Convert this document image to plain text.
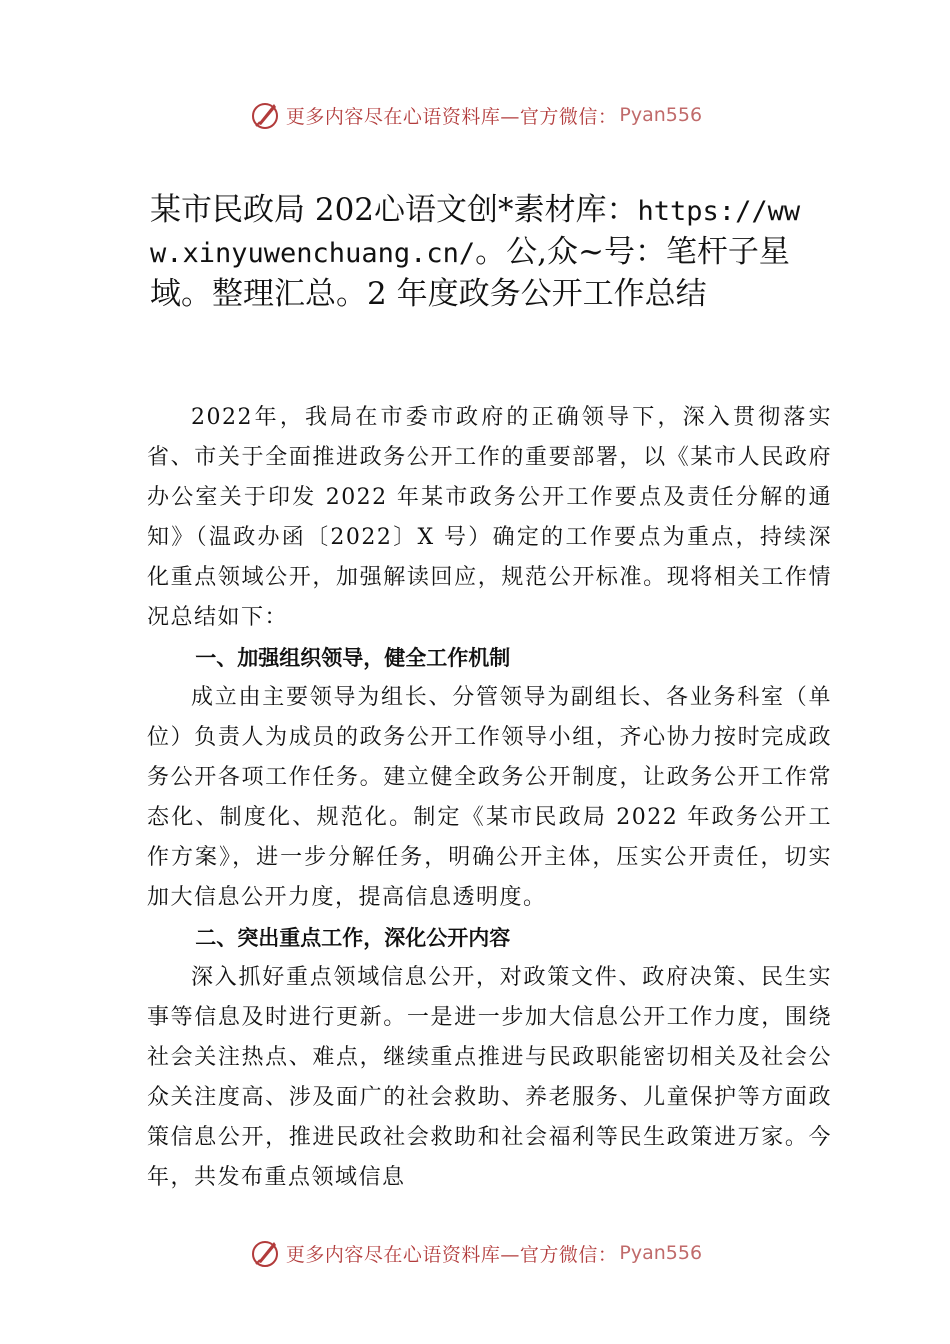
更多内容尽在心语资料库—官方微信： Pyan556
某市民政局 202心语文创*素材库：https://www.xinyuwenchuang.cn/。公,众~号：笔杆子星域。整理汇总。2 年度政务公开工作总结

2022年，我局在市委市政府的正确领导下，深入贯彻落实省、市关于全面推进政务公开工作的重要部署，以《某市人民政府办公室关于印发 2022 年某市政务公开工作要点及责任分解的通知》（温政办函〔2022〕X 号）确定的工作要点为重点，持续深化重点领域公开，加强解读回应，规范公开标准。现将相关工作情况总结如下：

一、加强组织领导，健全工作机制

成立由主要领导为组长、分管领导为副组长、各业务科室（单位）负责人为成员的政务公开工作领导小组，齐心协力按时完成政务公开各项工作任务。建立健全政务公开制度，让政务公开工作常态化、制度化、规范化。制定《某市民政局 2022 年政务公开工作方案》，进一步分解任务，明确公开主体，压实公开责任，切实加大信息公开力度，提高信息透明度。

二、突出重点工作，深化公开内容

深入抓好重点领域信息公开，对政策文件、政府决策、民生实事等信息及时进行更新。一是进一步加大信息公开工作力度，围绕社会关注热点、难点，继续重点推进与民政职能密切相关及社会公众关注度高、涉及面广的社会救助、养老服务、儿童保护等方面政策信息公开，推进民政社会救助和社会福利等民生政策进万家。今年，共发布重点领域信息

更多内容尽在心语资料库—官方微信： Pyan556
